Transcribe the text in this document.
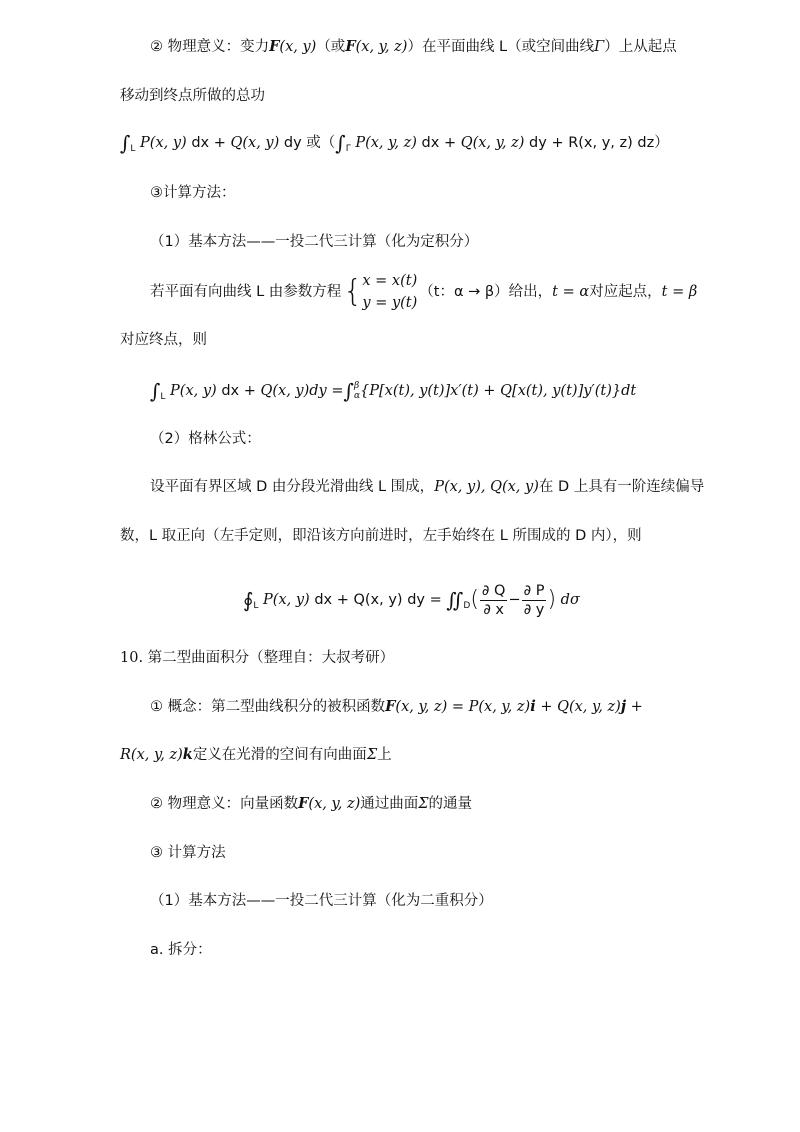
② 物理意义：变力F(x, y)（或F(x, y, z)）在平面曲线 L（或空间曲线Γ）上从起点
移动到终点所做的总功
$\int_L$ P(x, y) dx + Q(x, y) dy 或（$\int_\Gamma$ P(x, y, z) dx + Q(x, y, z) dy + R(x, y, z) dz）
③计算方法：
（1）基本方法——一投二代三计算（化为定积分）
若平面有向曲线 L 由参数方程{ x = x(t)
y = y(t)
（t：α → β）给出，t = α对应起点，t = β
对应终点，则
$\int_L$ P(x, y) dx + Q(x, y)dy =∫ β
α {P[x(t), y(t)]x′(t) + Q[x(t), y(t)]y′(t)}dt
（2）格林公式：
设平面有界区域 D 由分段光滑曲线 L 围成，P(x, y), Q(x, y)在 D 上具有一阶连续偏导
数，L 取正向（左手定则，即沿该方向前进时，左手始终在 L 所围成的 D 内），则
$∮_L$ P(x, y) dx + Q(x, y) dy = $∬_D( \frac{\partial Q}{\partial x} - \frac{\partial P}{\partial y}$ ) dσ
10. 第二型曲面积分（整理自：大叔考研）
① 概念：第二型曲线积分的被积函数F(x, y, z) = P(x, y, z)i + Q(x, y, z)j +
R(x, y, z)k定义在光滑的空间有向曲面Σ上
② 物理意义：向量函数F(x, y, z)通过曲面Σ的通量
③ 计算方法
（1）基本方法——一投二代三计算（化为二重积分）
a. 拆分：
